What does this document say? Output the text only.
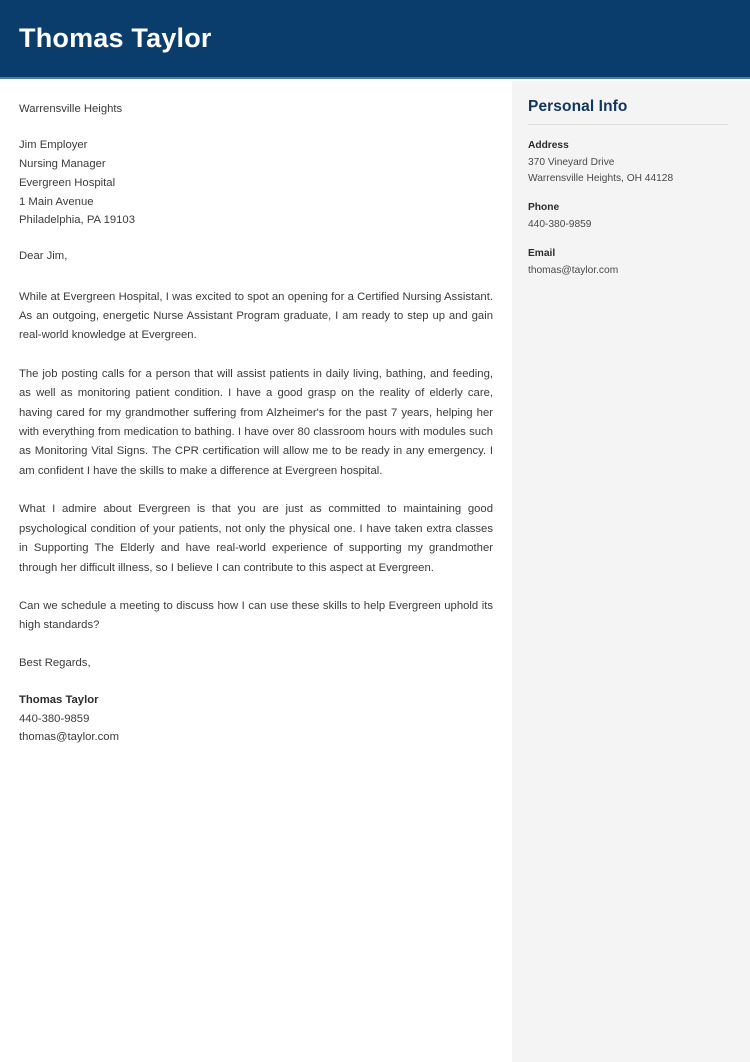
Thomas Taylor

Warrensville Heights

Jim Employer
Nursing Manager
Evergreen Hospital
1 Main Avenue
Philadelphia, PA 19103

Dear Jim,

While at Evergreen Hospital, I was excited to spot an opening for a Certified Nursing Assistant. As an outgoing, energetic Nurse Assistant Program graduate, I am ready to step up and gain real-world knowledge at Evergreen.

The job posting calls for a person that will assist patients in daily living, bathing, and feeding, as well as monitoring patient condition. I have a good grasp on the reality of elderly care, having cared for my grandmother suffering from Alzheimer's for the past 7 years, helping her with everything from medication to bathing. I have over 80 classroom hours with modules such as Monitoring Vital Signs. The CPR certification will allow me to be ready in any emergency. I am confident I have the skills to make a difference at Evergreen hospital.

What I admire about Evergreen is that you are just as committed to maintaining good psychological condition of your patients, not only the physical one. I have taken extra classes in Supporting The Elderly and have real-world experience of supporting my grandmother through her difficult illness, so I believe I can contribute to this aspect at Evergreen.

Can we schedule a meeting to discuss how I can use these skills to help Evergreen uphold its high standards?

Best Regards,

Thomas Taylor

440-380-9859

thomas@taylor.com

Personal Info

Address

370 Vineyard Drive

Warrensville Heights, OH 44128

Phone

440-380-9859

Email

thomas@taylor.com
